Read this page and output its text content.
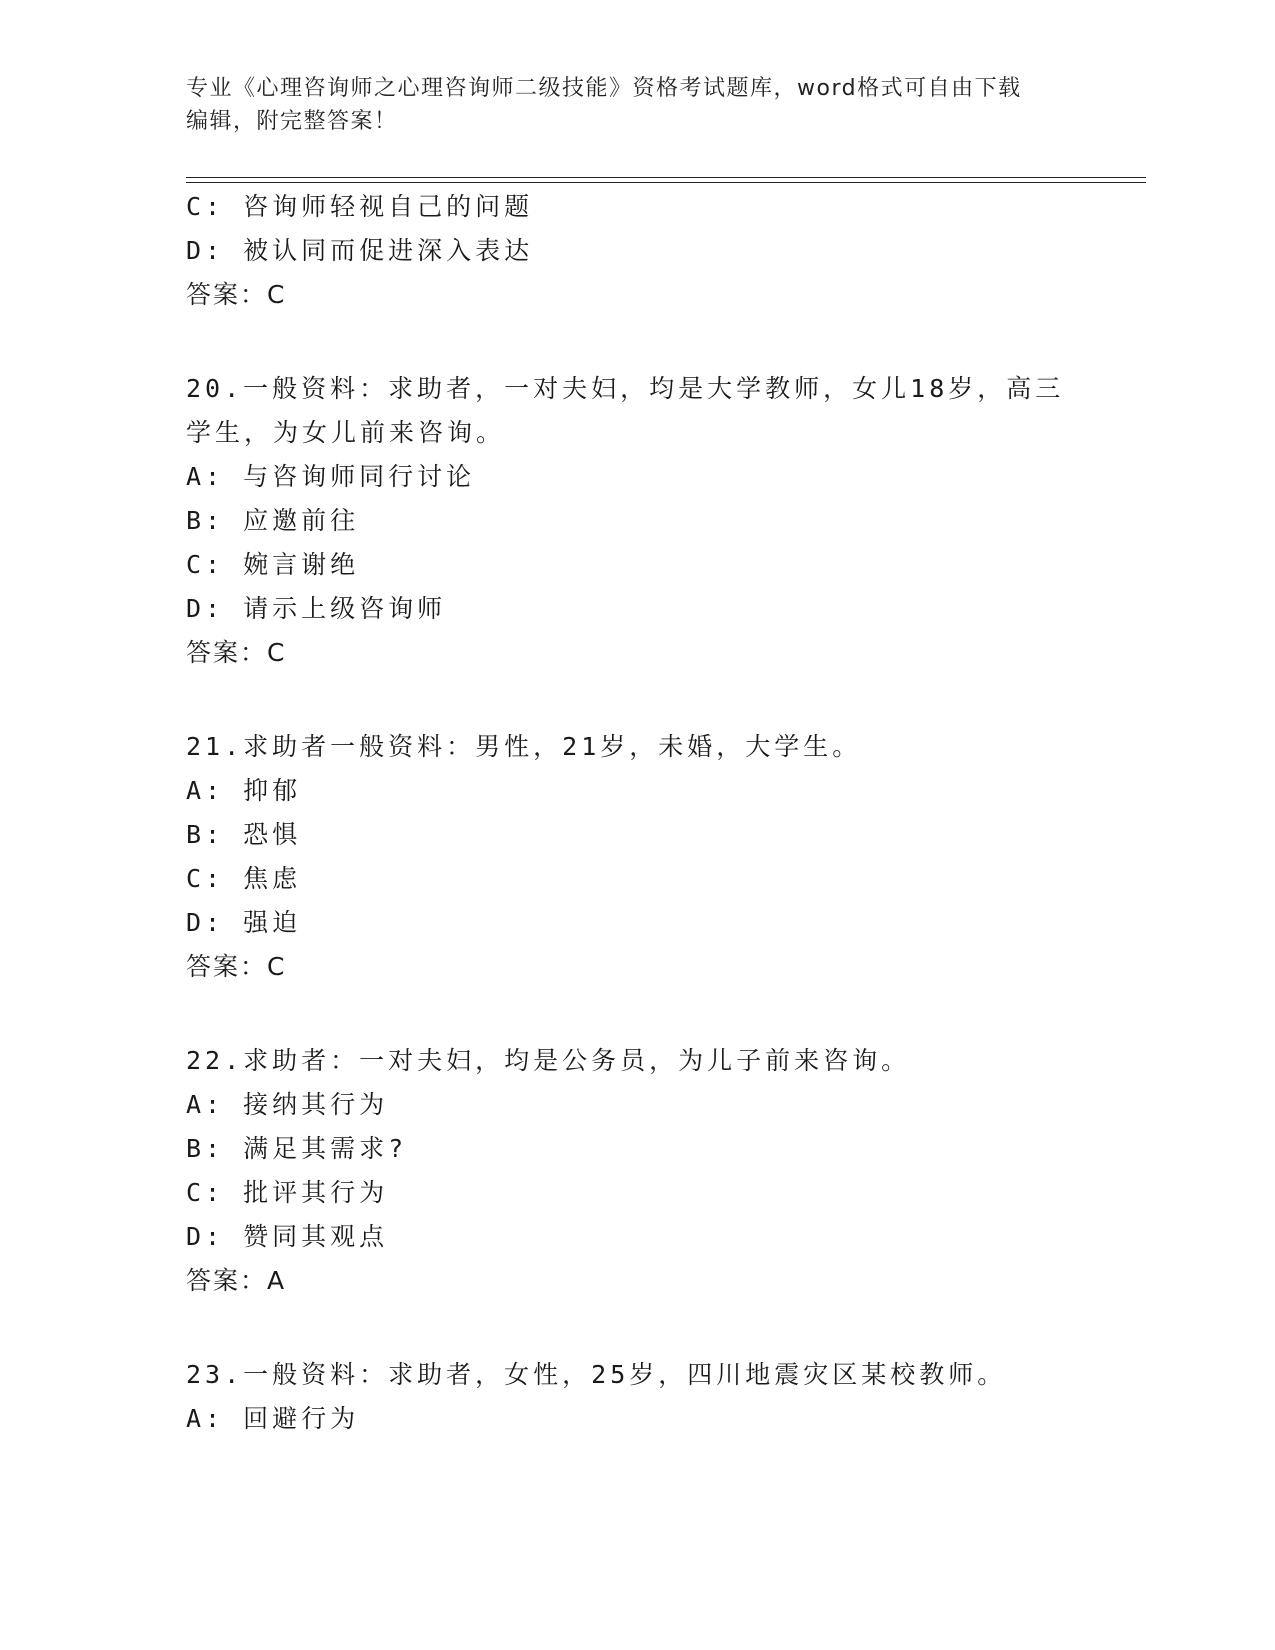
专业《心理咨询师之心理咨询师二级技能》资格考试题库，word格式可自由下载
编辑，附完整答案！
C: 咨询师轻视自己的问题
D: 被认同而促进深入表达
答案：C
20.一般资料：求助者，一对夫妇，均是大学教师，女儿18岁，高三
学生，为女儿前来咨询。
A: 与咨询师同行讨论
B: 应邀前往
C: 婉言谢绝
D: 请示上级咨询师
答案：C
21.求助者一般资料：男性，21岁，未婚，大学生。
A: 抑郁
B: 恐惧
C: 焦虑
D: 强迫
答案：C
22.求助者：一对夫妇，均是公务员，为儿子前来咨询。
A: 接纳其行为
B: 满足其需求?
C: 批评其行为
D: 赞同其观点
答案：A
23.一般资料：求助者，女性，25岁，四川地震灾区某校教师。
A: 回避行为
